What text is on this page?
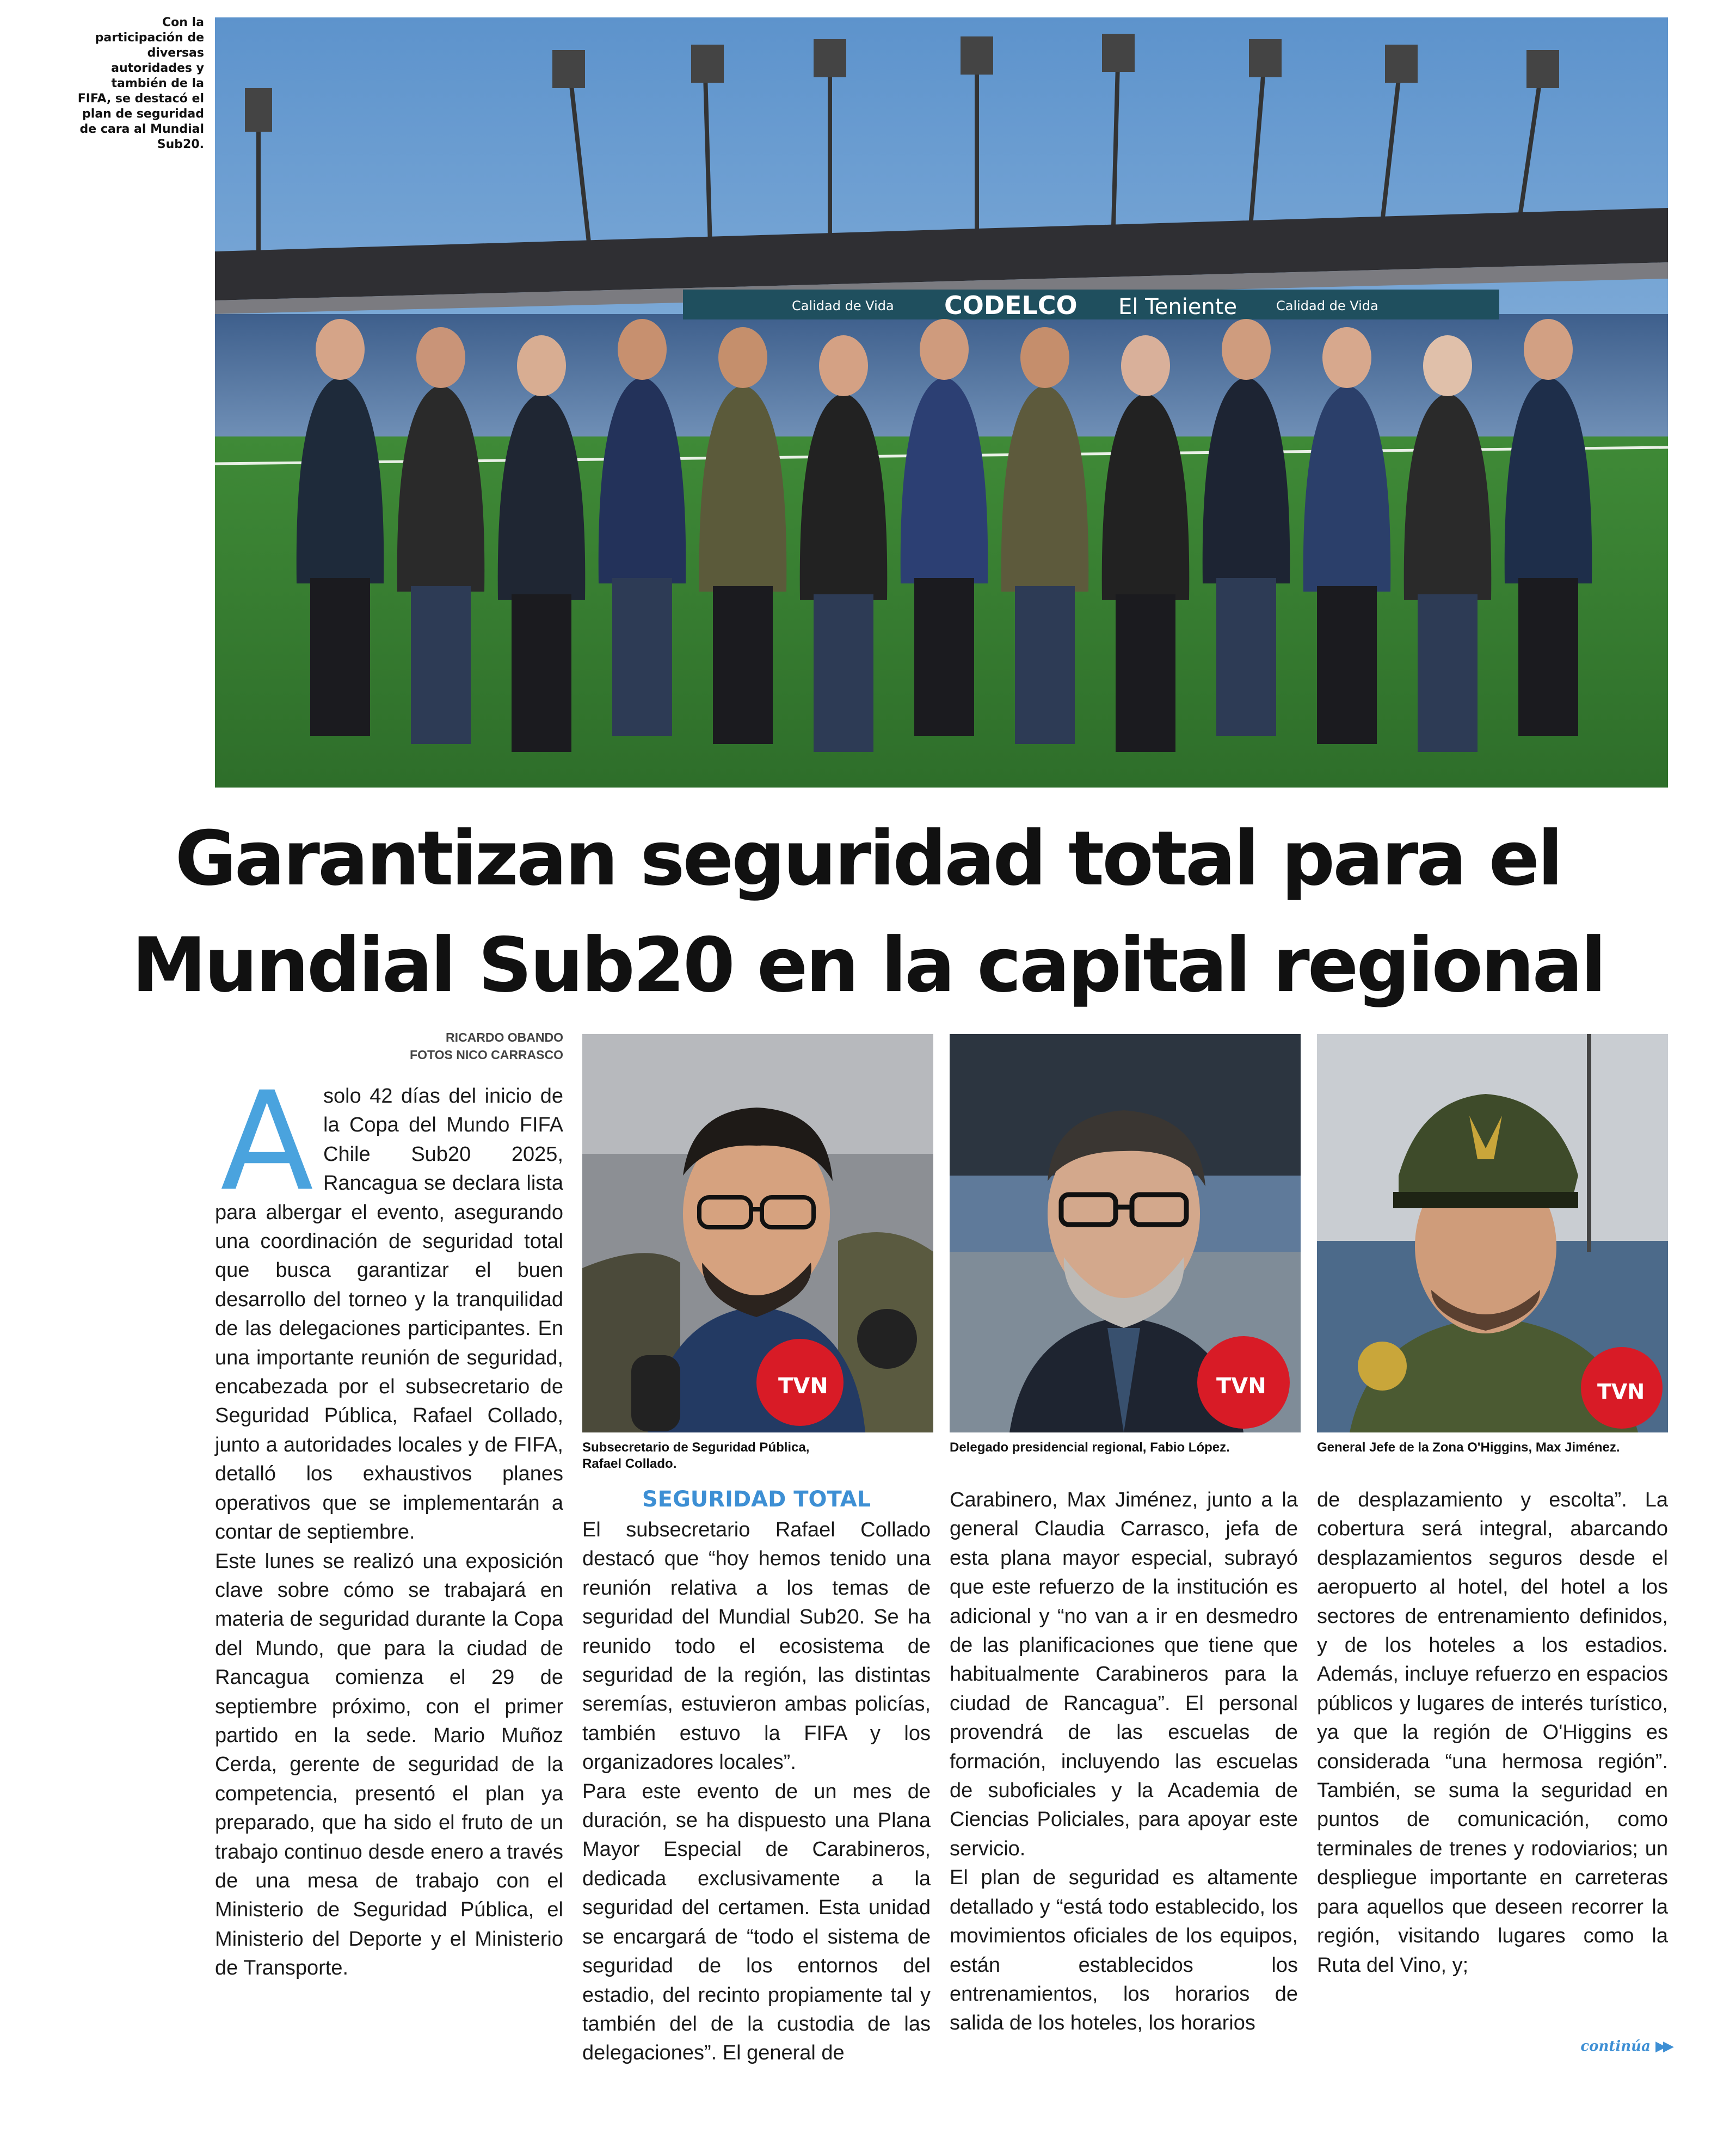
Con la participación de diversas autoridades y también de la FIFA, se destacó el plan de seguridad de cara al Mundial Sub20.
Calidad de Vida CODELCO El Teniente	Calidad de Vida
Garantizan seguridad total para el
Mundial Sub20 en la capital regional
RICARDO OBANDO
FOTOS NICO CARRASCO
A solo 42 días del inicio de la Copa del Mundo FIFA Chile Sub20 2025, Rancagua se declara lista para albergar el evento, asegurando una coordinación de seguridad total que busca garantizar el buen desarrollo del torneo y la tranquilidad de las delegaciones participantes. En una importante reunión de seguridad, encabezada por el subsecretario de Seguridad Pública, Rafael Collado, junto a autoridades locales y de FIFA, detalló los exhaustivos planes operativos que se implementarán a contar de septiembre.

Este lunes se realizó una exposición clave sobre cómo se trabajará en materia de seguridad durante la Copa del Mundo, que para la ciudad de Rancagua comienza el 29 de septiembre próximo, con el primer partido en la sede. Mario Muñoz Cerda, gerente de seguridad de la competencia, presentó el plan ya preparado, que ha sido el fruto de un trabajo continuo desde enero a través de una mesa de trabajo con el Ministerio de Seguridad Pública, el Ministerio del Deporte y el Ministerio de Transporte.

TVN
Subsecretario de Seguridad Pública, Rafael Collado.
TVN
Delegado presidencial regional, Fabio López.
TVN
General Jefe de la Zona O'Higgins, Max Jiménez.
SEGURIDAD TOTAL

El subsecretario Rafael Collado destacó que “hoy hemos tenido una reunión relativa a los temas de seguridad del Mundial Sub20. Se ha reunido todo el ecosistema de seguridad de la región, las distintas seremías, estuvieron ambas policías, también estuvo la FIFA y los organizadores locales”.

Para este evento de un mes de duración, se ha dispuesto una Plana Mayor Especial de Carabineros, dedicada exclusivamente a la seguridad del certamen. Esta unidad se encargará de “todo el sistema de seguridad de los entornos del estadio, del recinto propiamente tal y también del de la custodia de las delegaciones”. El general de

Carabinero, Max Jiménez, junto a la general Claudia Carrasco, jefa de esta plana mayor especial, subrayó que este refuerzo de la institución es adicional y “no van a ir en desmedro de las planificaciones que tiene que habitualmente Carabineros para la ciudad de Rancagua”. El personal provendrá de las escuelas de formación, incluyendo las escuelas de suboficiales y la Academia de Ciencias Policiales, para apoyar este servicio.

El plan de seguridad es altamente detallado y “está todo establecido, los movimientos oficiales de los equipos, están establecidos los entrenamientos, los horarios de salida de los hoteles, los horarios

de desplazamiento y escolta”. La cobertura será integral, abarcando desplazamientos seguros desde el aeropuerto al hotel, del hotel a los sectores de entrenamiento definidos, y de los hoteles a los estadios. Además, incluye refuerzo en espacios públicos y lugares de interés turístico, ya que la región de O'Higgins es considerada “una hermosa región”. También, se suma la seguridad en puntos de comunicación, como terminales de trenes y rodoviarios; un despliegue importante en carreteras para aquellos que deseen recorrer la región, visitando lugares como la Ruta del Vino, y;

continúa ▶▶
